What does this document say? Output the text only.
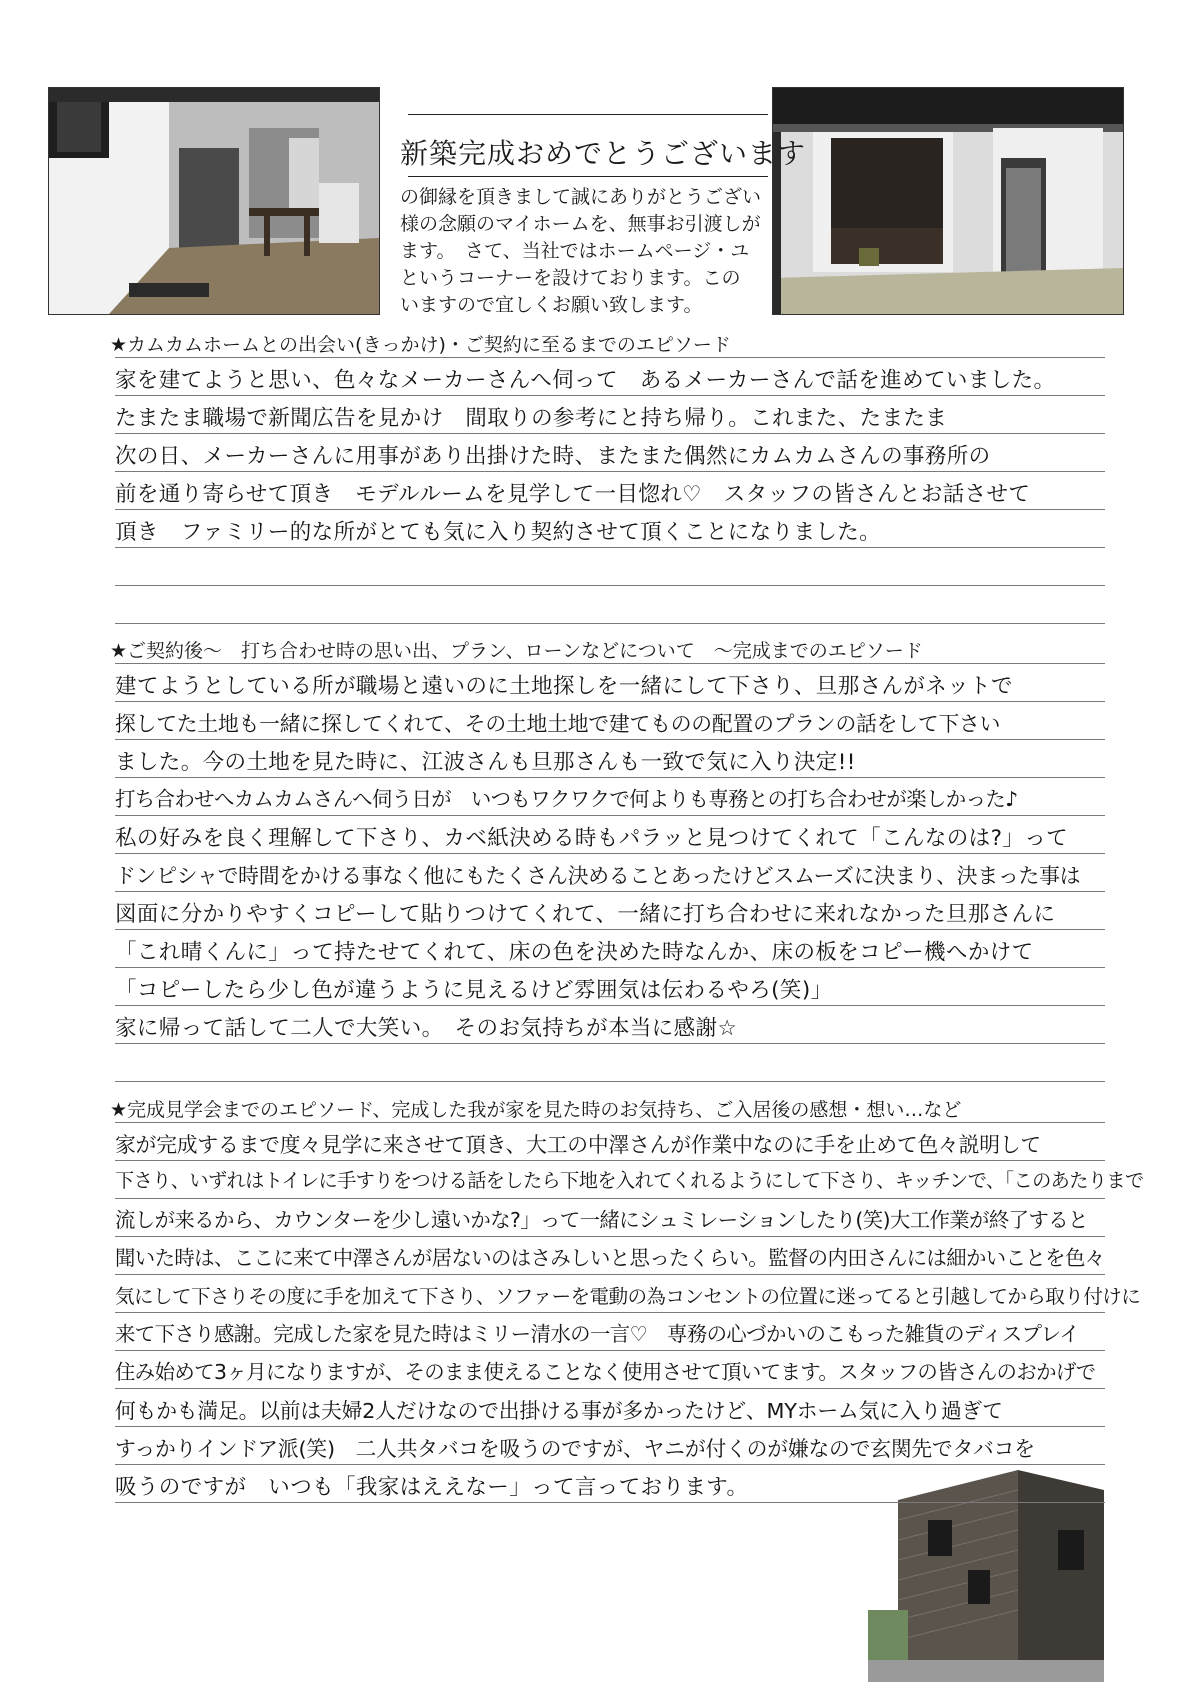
新築完成おめでとうございます
の御縁を頂きまして誠にありがとうござい
様の念願のマイホームを、無事お引渡しが
ます。　さて、当社ではホームページ・ユ
というコーナーを設けております。この
いますので宜しくお願い致します。
★カムカムホームとの出会い(きっかけ)・ご契約に至るまでのエピソード
家を建てようと思い、色々なメーカーさんへ伺って　あるメーカーさんで話を進めていました。
たまたま職場で新聞広告を見かけ　間取りの参考にと持ち帰り。これまた、たまたま
次の日、メーカーさんに用事があり出掛けた時、またまた偶然にカムカムさんの事務所の
前を通り寄らせて頂き　モデルルームを見学して一目惚れ♡　スタッフの皆さんとお話させて
頂き　ファミリー的な所がとても気に入り契約させて頂くことになりました。
★ご契約後～　打ち合わせ時の思い出、プラン、ローンなどについて　～完成までのエピソード
建てようとしている所が職場と遠いのに土地探しを一緒にして下さり、旦那さんがネットで
探してた土地も一緒に探してくれて、その土地土地で建てものの配置のプランの話をして下さい
ました。今の土地を見た時に、江波さんも旦那さんも一致で気に入り決定!!
打ち合わせへカムカムさんへ伺う日が　いつもワクワクで何よりも専務との打ち合わせが楽しかった♪
私の好みを良く理解して下さり、カベ紙決める時もパラッと見つけてくれて「こんなのは?」って
ドンピシャで時間をかける事なく他にもたくさん決めることあったけどスムーズに決まり、決まった事は
図面に分かりやすくコピーして貼りつけてくれて、一緒に打ち合わせに来れなかった旦那さんに
「これ晴くんに」って持たせてくれて、床の色を決めた時なんか、床の板をコピー機へかけて
「コピーしたら少し色が違うように見えるけど雰囲気は伝わるやろ(笑)」
家に帰って話して二人で大笑い。　そのお気持ちが本当に感謝☆
★完成見学会までのエピソード、完成した我が家を見た時のお気持ち、ご入居後の感想・想い…など
家が完成するまで度々見学に来させて頂き、大工の中澤さんが作業中なのに手を止めて色々説明して
下さり、いずれはトイレに手すりをつける話をしたら下地を入れてくれるようにして下さり、キッチンで、「このあたりまで
流しが来るから、カウンターを少し遠いかな?」って一緒にシュミレーションしたり(笑)大工作業が終了すると
聞いた時は、ここに来て中澤さんが居ないのはさみしいと思ったくらい。監督の内田さんには細かいことを色々
気にして下さりその度に手を加えて下さり、ソファーを電動の為コンセントの位置に迷ってると引越してから取り付けに
来て下さり感謝。完成した家を見た時はミリー清水の一言♡　専務の心づかいのこもった雑貨のディスプレイ
住み始めて3ヶ月になりますが、そのまま使えることなく使用させて頂いてます。スタッフの皆さんのおかげで
何もかも満足。以前は夫婦2人だけなので出掛ける事が多かったけど、MYホーム気に入り過ぎて
すっかりインドア派(笑)　二人共タバコを吸うのですが、ヤニが付くのが嫌なので玄関先でタバコを
吸うのですが　いつも「我家はええなー」って言っております。
